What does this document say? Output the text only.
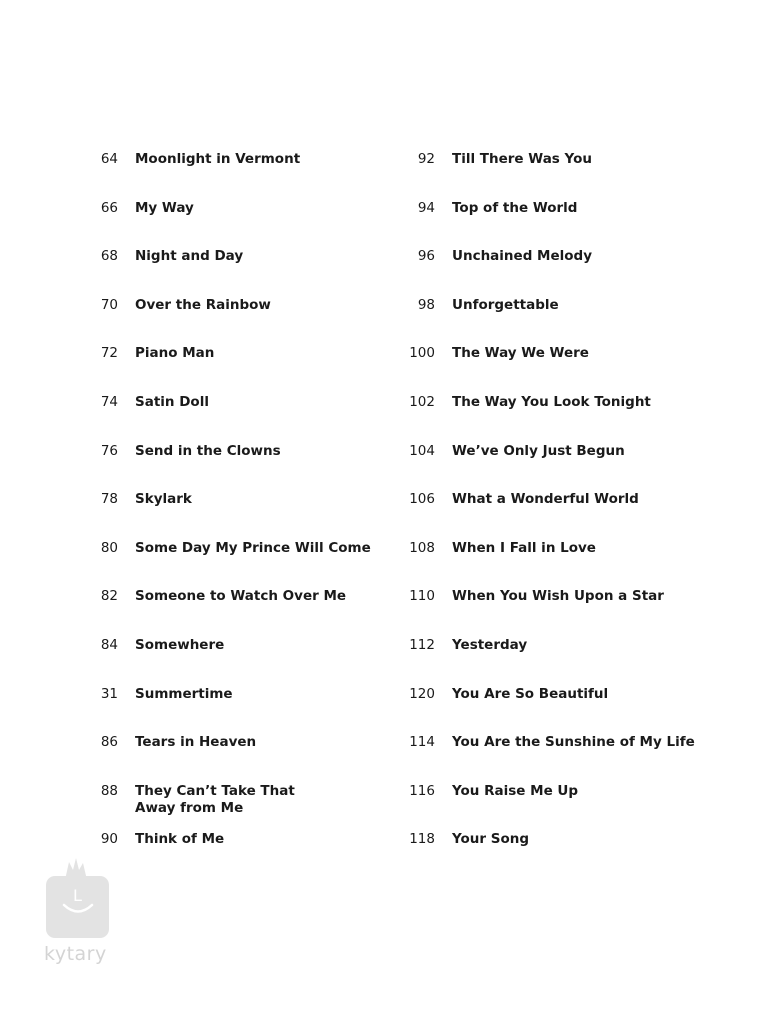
64 Moonlight in Vermont
66 My Way
68 Night and Day
70 Over the Rainbow
72 Piano Man
74 Satin Doll
76 Send in the Clowns
78 Skylark
80 Some Day My Prince Will Come
82 Someone to Watch Over Me
84 Somewhere
31 Summertime
86 Tears in Heaven
88 They Can’t Take That
Away from Me
90 Think of Me
92 Till There Was You
94 Top of the World
96 Unchained Melody
98 Unforgettable
100 The Way We Were
102 The Way You Look Tonight
104 We’ve Only Just Begun
106 What a Wonderful World
108 When I Fall in Love
110 When You Wish Upon a Star
112 Yesterday
120 You Are So Beautiful
114 You Are the Sunshine of My Life
116 You Raise Me Up
118 Your Song
L
kytary
